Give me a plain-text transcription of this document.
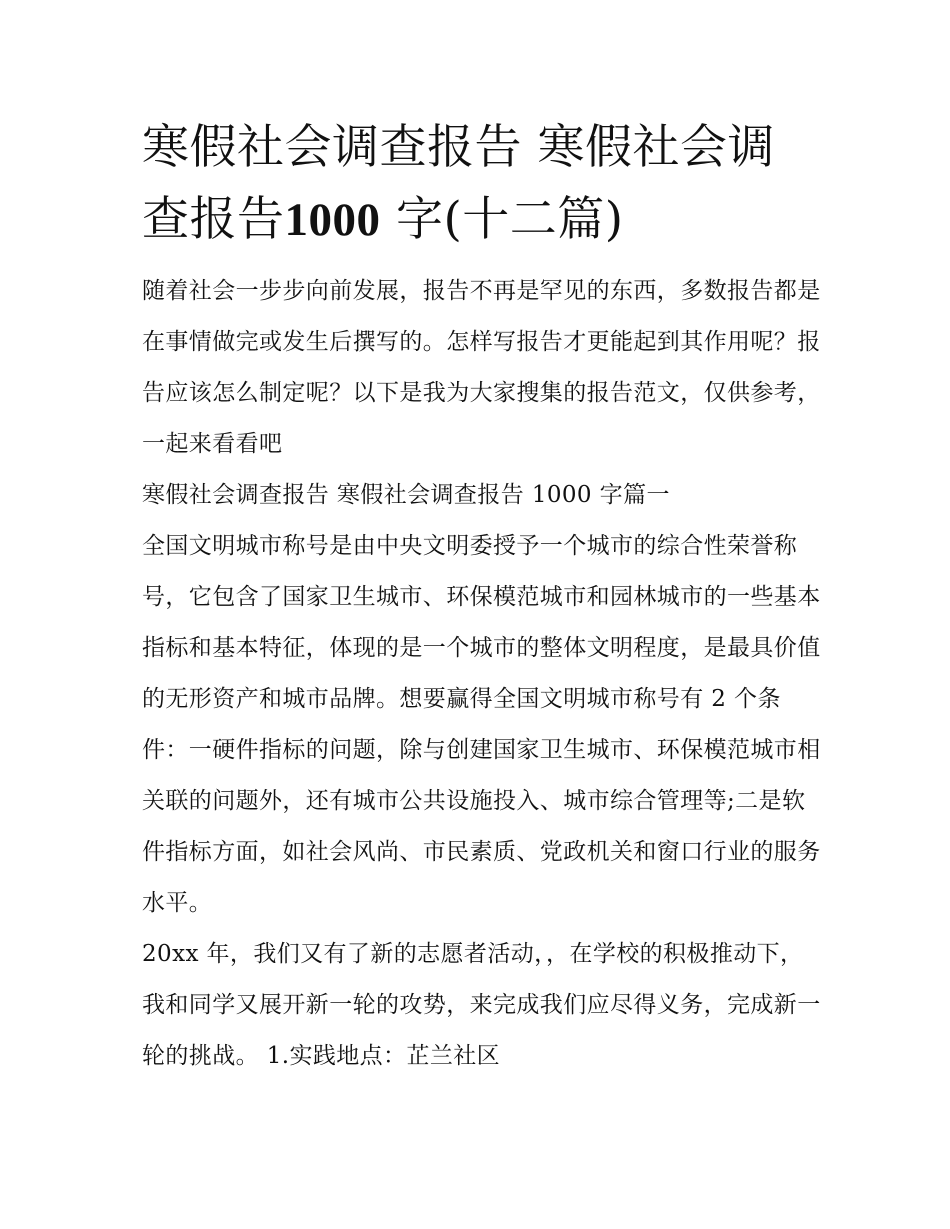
寒假社会调查报告 寒假社会调查报告1000 字(十二篇)

随着社会一步步向前发展，报告不再是罕见的东西，多数报告都是在事情做完或发生后撰写的。怎样写报告才更能起到其作用呢？报告应该怎么制定呢？以下是我为大家搜集的报告范文，仅供参考，一起来看看吧

寒假社会调查报告 寒假社会调查报告 1000 字篇一

全国文明城市称号是由中央文明委授予一个城市的综合性荣誉称号，它包含了国家卫生城市、环保模范城市和园林城市的一些基本指标和基本特征，体现的是一个城市的整体文明程度，是最具价值的无形资产和城市品牌。想要赢得全国文明城市称号有 2 个条件：一硬件指标的问题，除与创建国家卫生城市、环保模范城市相关联的问题外，还有城市公共设施投入、城市综合管理等;二是软件指标方面，如社会风尚、市民素质、党政机关和窗口行业的服务水平。

20xx 年，我们又有了新的志愿者活动，，在学校的积极推动下，我和同学又展开新一轮的攻势，来完成我们应尽得义务，完成新一轮的挑战。 1.实践地点：芷兰社区
